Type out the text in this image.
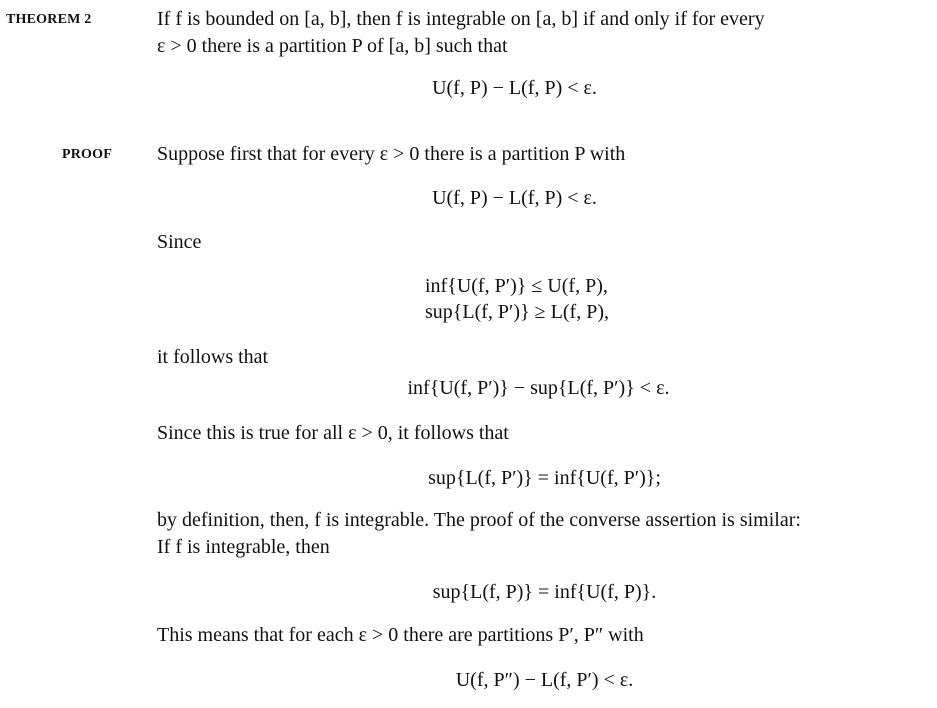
THEOREM 2	If f is bounded on [a, b], then f is integrable on [a, b] if and only if for every
ε > 0 there is a partition P of [a, b] such that
U(f, P) − L(f, P) < ε.
PROOF Suppose first that for every ε > 0 there is a partition P with
U(f, P) − L(f, P) < ε.
Since
inf{U(f, P′)} ≤ U(f, P),
sup{L(f, P′)} ≥ L(f, P),
it follows that
inf{U(f, P′)} − sup{L(f, P′)} < ε.
Since this is true for all ε > 0, it follows that
sup{L(f, P′)} = inf{U(f, P′)};
by definition, then, f is integrable. The proof of the converse assertion is similar:
If f is integrable, then
sup{L(f, P)} = inf{U(f, P)}.
This means that for each ε > 0 there are partitions P′, P″ with
U(f, P″) − L(f, P′) < ε.
